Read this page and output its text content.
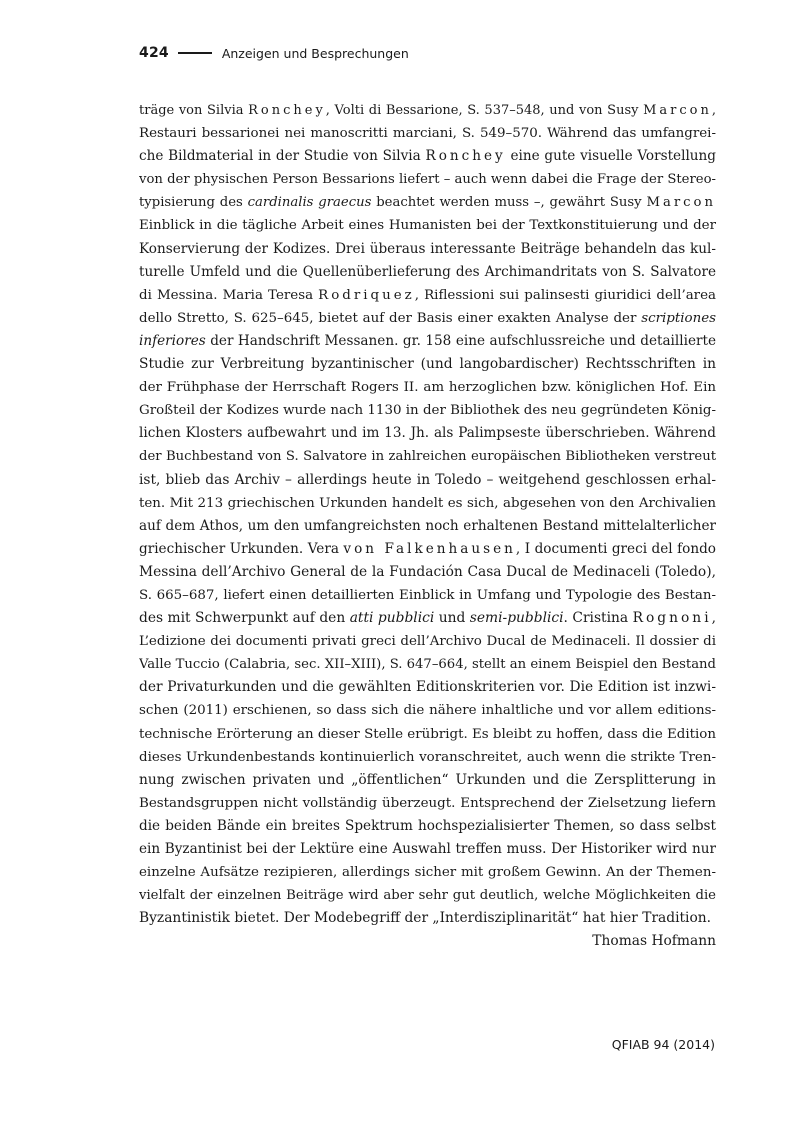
424	Anzeigen und Besprechungen
träge von Silvia Ronchey, Volti di Bessarione, S. 537–548, und von Susy Marcon,
Restauri bessarionei nei manoscritti marciani, S. 549–570. Während das umfangrei-
che Bildmaterial in der Studie von Silvia Ronchey eine gute visuelle Vorstellung
von der physischen Person Bessarions liefert – auch wenn dabei die Frage der Stereo-
typisierung des cardinalis graecus beachtet werden muss –, gewährt Susy Marcon
Einblick in die tägliche Arbeit eines Humanisten bei der Textkonstituierung und der
Konservierung der Kodizes. Drei überaus interessante Beiträge behandeln das kul-
turelle Umfeld und die Quellenüberlieferung des Archimandritats von S. Salvatore
di Messina. Maria Teresa Rodriquez, Riflessioni sui palinsesti giuridici dell’area
dello Stretto, S. 625–645, bietet auf der Basis einer exakten Analyse der scriptiones
inferiores der Handschrift Messanen. gr. 158 eine aufschlussreiche und detaillierte
Studie zur Verbreitung byzantinischer (und langobardischer) Rechtsschriften in
der Frühphase der Herrschaft Rogers II. am herzoglichen bzw. königlichen Hof. Ein
Großteil der Kodizes wurde nach 1130 in der Bibliothek des neu gegründeten König-
lichen Klosters aufbewahrt und im 13. Jh. als Palimpseste überschrieben. Während
der Buchbestand von S. Salvatore in zahlreichen europäischen Bibliotheken verstreut
ist, blieb das Archiv – allerdings heute in Toledo – weitgehend geschlossen erhal-
ten. Mit 213 griechischen Urkunden handelt es sich, abgesehen von den Archivalien
auf dem Athos, um den umfangreichsten noch erhaltenen Bestand mittelalterlicher
griechischer Urkunden. Vera von Falkenhausen, I documenti greci del fondo
Messina dell’Archivo General de la Fundación Casa Ducal de Medinaceli (Toledo),
S. 665–687, liefert einen detaillierten Einblick in Umfang und Typologie des Bestan-
des mit Schwerpunkt auf den atti pubblici und semi-pubblici. Cristina Rognoni,
L’edizione dei documenti privati greci dell’Archivo Ducal de Medinaceli. Il dossier di
Valle Tuccio (Calabria, sec. XII–XIII), S. 647–664, stellt an einem Beispiel den Bestand
der Privaturkunden und die gewählten Editionskriterien vor. Die Edition ist inzwi-
schen (2011) erschienen, so dass sich die nähere inhaltliche und vor allem editions-
technische Erörterung an dieser Stelle erübrigt. Es bleibt zu hoffen, dass die Edition
dieses Urkundenbestands kontinuierlich voranschreitet, auch wenn die strikte Tren-
nung zwischen privaten und „öffentlichen“ Urkunden und die Zersplitterung in
Bestandsgruppen nicht vollständig überzeugt. Entsprechend der Zielsetzung liefern
die beiden Bände ein breites Spektrum hochspezialisierter Themen, so dass selbst
ein Byzantinist bei der Lektüre eine Auswahl treffen muss. Der Historiker wird nur
einzelne Aufsätze rezipieren, allerdings sicher mit großem Gewinn. An der Themen-
vielfalt der einzelnen Beiträge wird aber sehr gut deutlich, welche Möglichkeiten die
Byzantinistik bietet. Der Modebegriff der „Interdisziplinarität“ hat hier Tradition.
Thomas Hofmann
QFIAB 94 (2014)
